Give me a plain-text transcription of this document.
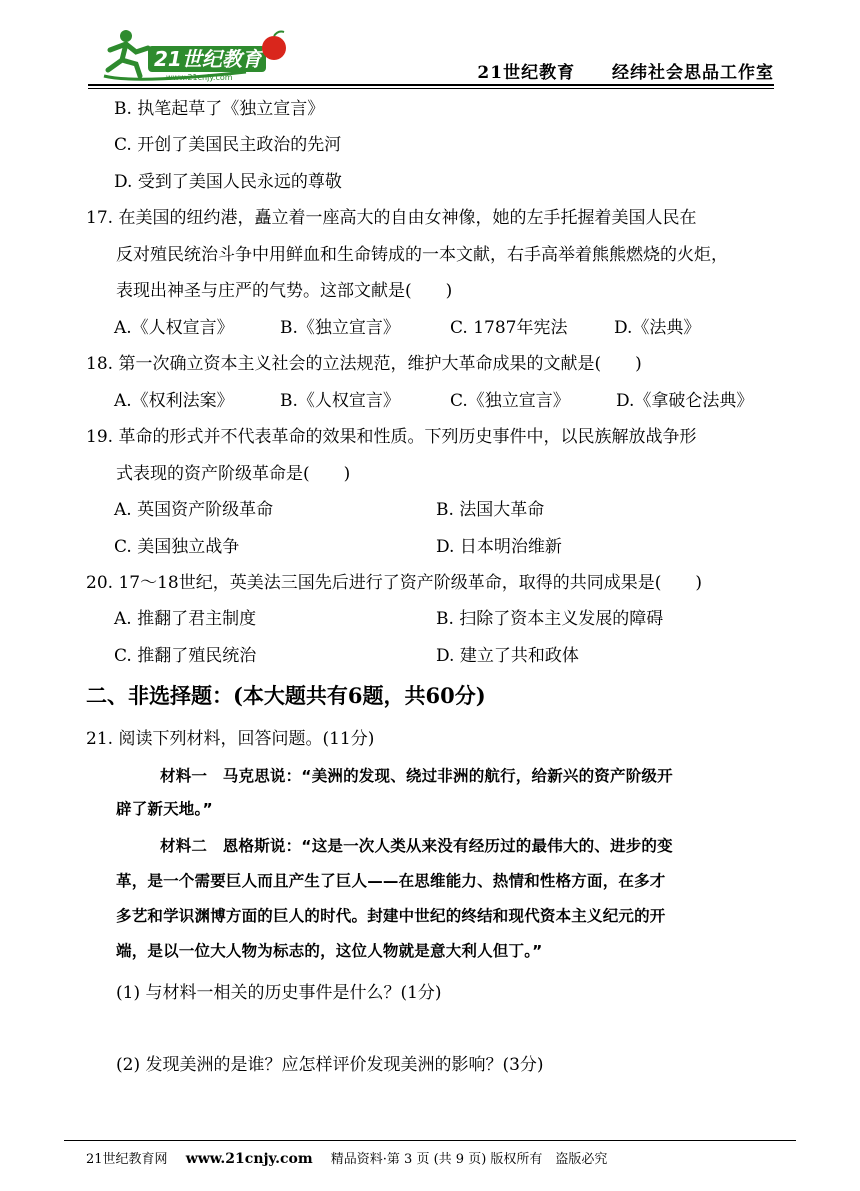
21世纪教育
www.21cnjy.com	21世纪教育 经纬社会思品工作室
B. 执笔起草了《独立宣言》
C. 开创了美国民主政治的先河
D. 受到了美国人民永远的尊敬
17. 在美国的纽约港，矗立着一座高大的自由女神像，她的左手托握着美国人民在
反对殖民统治斗争中用鲜血和生命铸成的一本文献，右手高举着熊熊燃烧的火炬，
表现出神圣与庄严的气势。这部文献是(　　)
A.《人权宣言》	B.《独立宣言》	C. 1787年宪法	D.《法典》
18. 第一次确立资本主义社会的立法规范，维护大革命成果的文献是(　　)
A.《权利法案》	B.《人权宣言》	C.《独立宣言》	D.《拿破仑法典》
19. 革命的形式并不代表革命的效果和性质。下列历史事件中，以民族解放战争形
式表现的资产阶级革命是(　　)
A. 英国资产阶级革命	B. 法国大革命
C. 美国独立战争	D. 日本明治维新
20. 17～18世纪，英美法三国先后进行了资产阶级革命，取得的共同成果是(　　)
A. 推翻了君主制度	B. 扫除了资本主义发展的障碍
C. 推翻了殖民统治	D. 建立了共和政体
二、非选择题：(本大题共有6题，共60分)
21. 阅读下列材料，回答问题。(11分)
材料一　马克思说：“美洲的发现、绕过非洲的航行，给新兴的资产阶级开
辟了新天地。”
材料二　恩格斯说：“这是一次人类从来没有经历过的最伟大的、进步的变
革，是一个需要巨人而且产生了巨人——在思维能力、热情和性格方面，在多才
多艺和学识渊博方面的巨人的时代。封建中世纪的终结和现代资本主义纪元的开
端，是以一位大人物为标志的，这位人物就是意大利人但丁。”
(1) 与材料一相关的历史事件是什么？(1分)
(2) 发现美洲的是谁？应怎样评价发现美洲的影响？(3分)
21世纪教育网 www.21cnjy.com 精品资料·第 3 页 (共 9 页) 版权所有　盗版必究
